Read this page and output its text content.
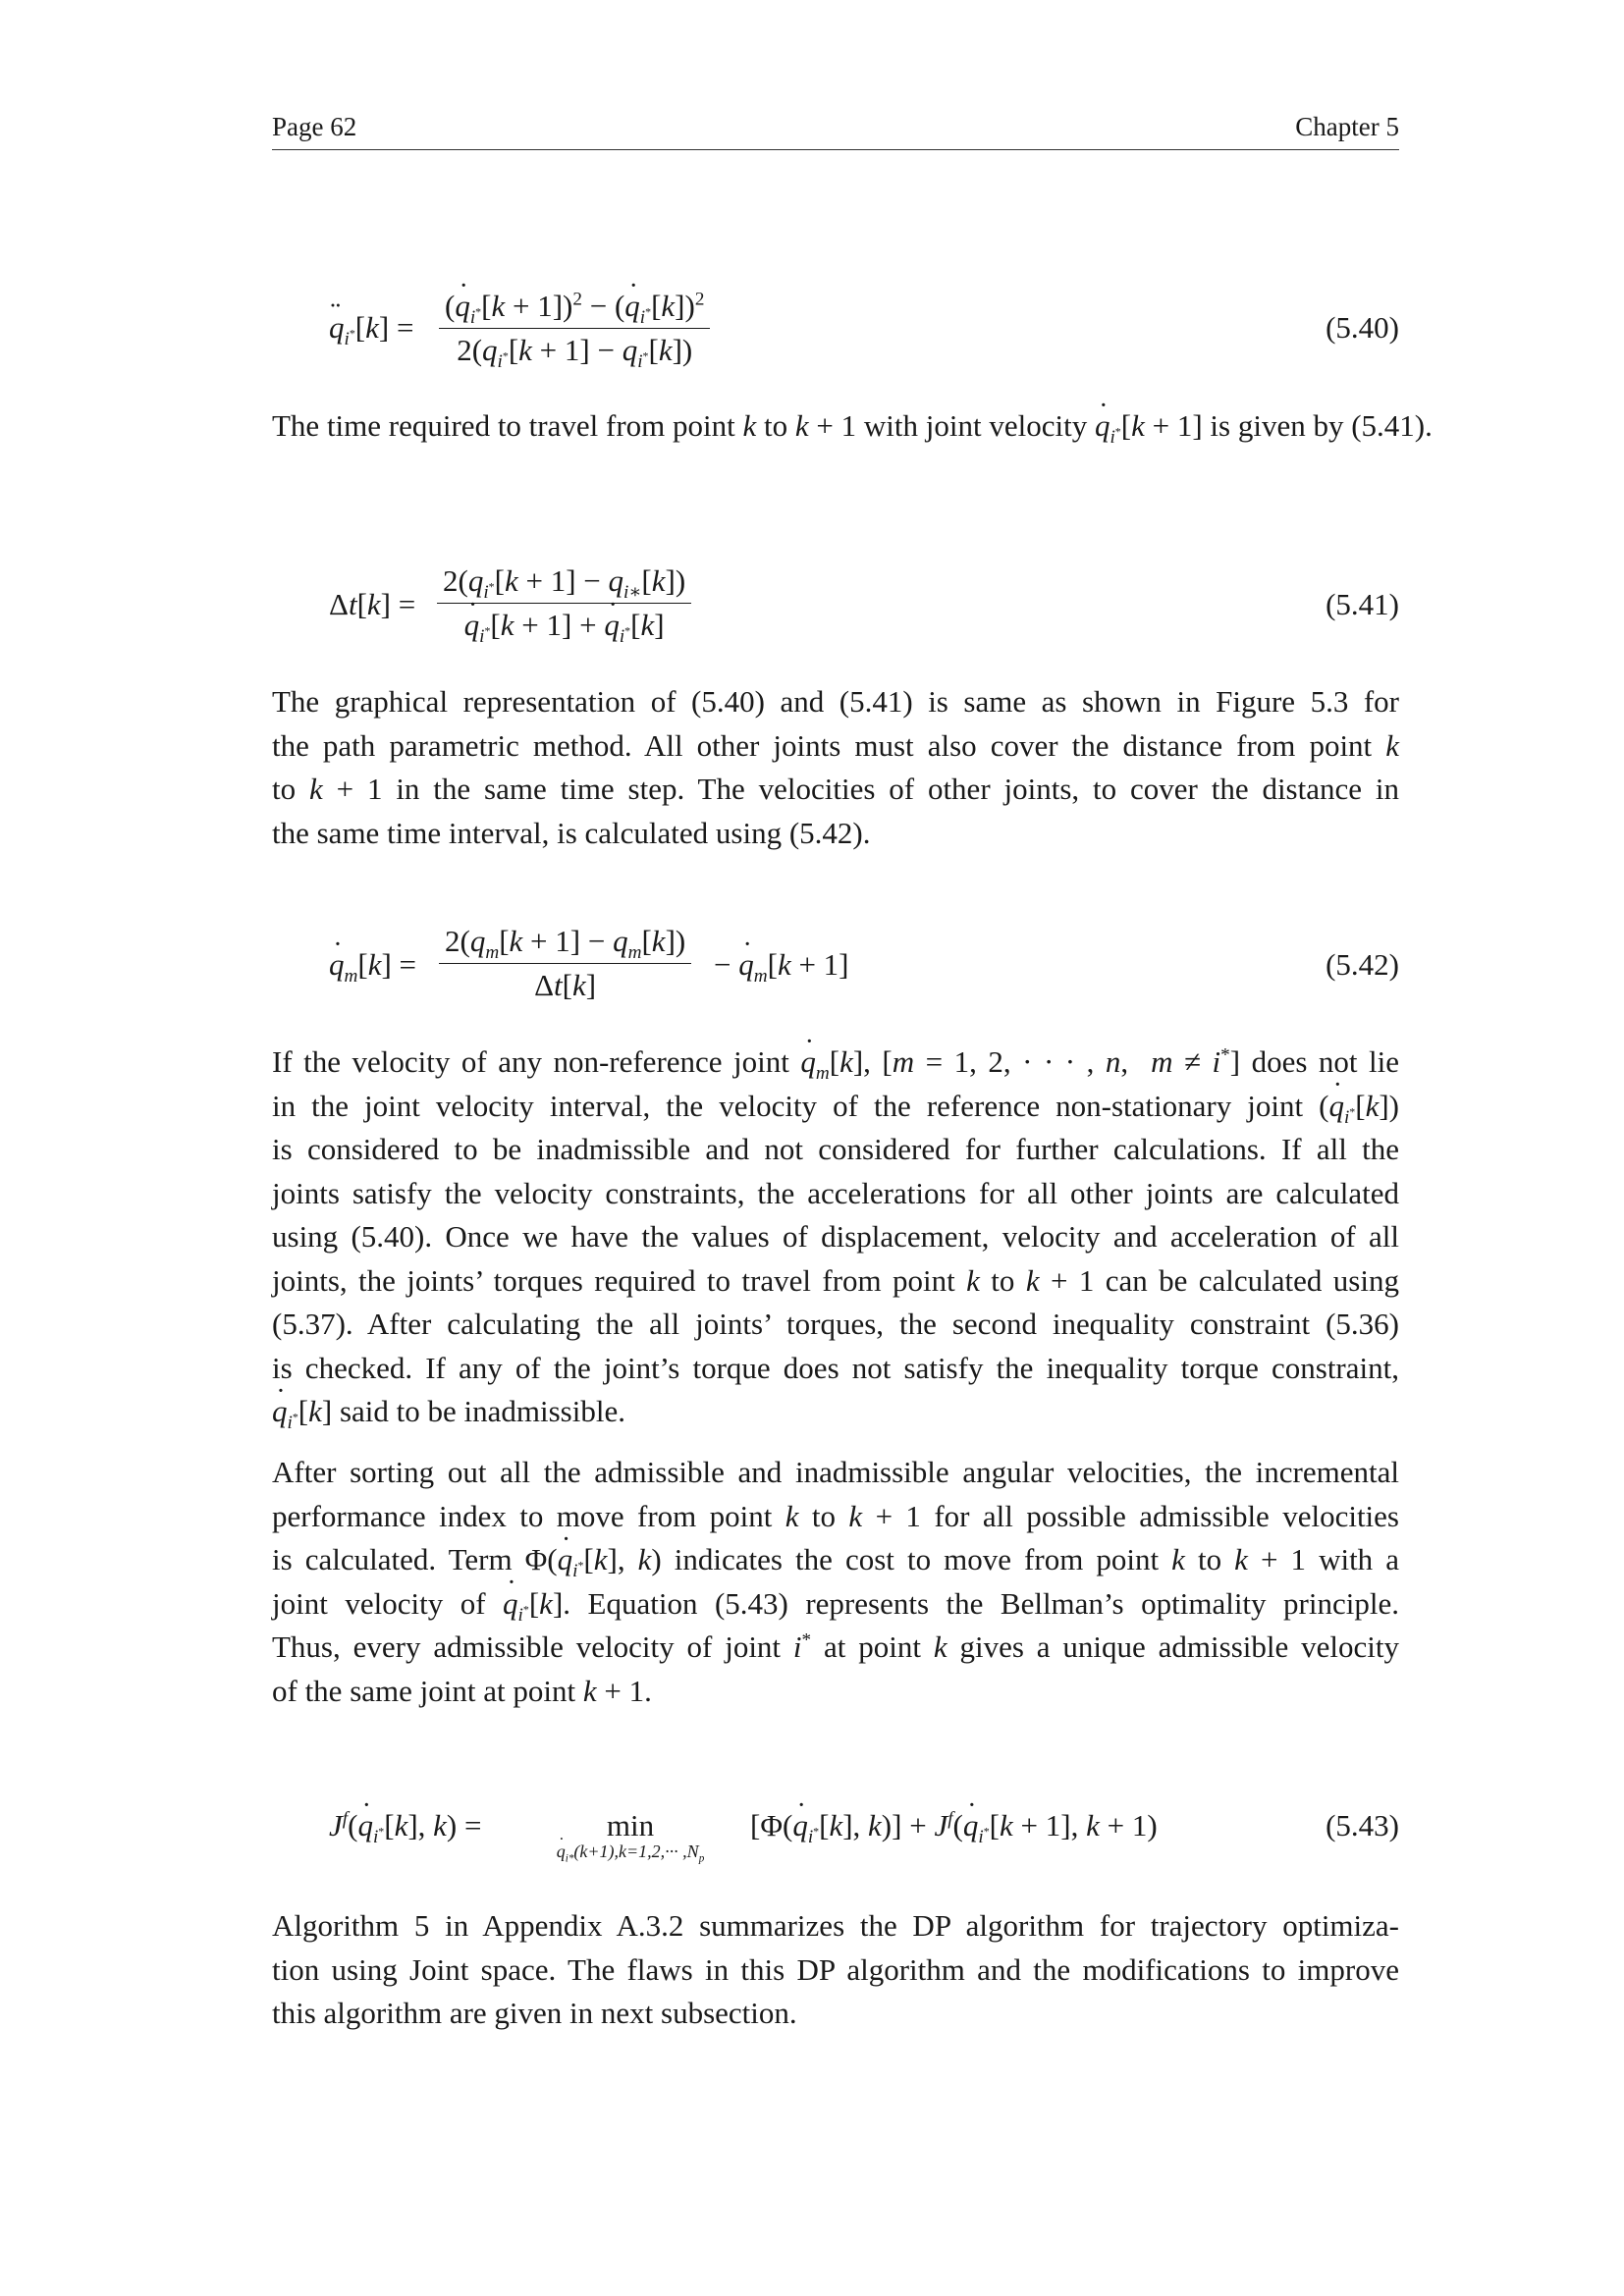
Page 62	Chapter 5
q $¨_{i^*}[k] = \frac{(q ˙_{i^*}[k + 1])^2 - (q ˙_{i^*}[k])^2}{2(q_{i^*}[k + 1] - q_{i^*}[k])}$	(5.40)
The time required to travel from point k to k + 1 with joint velocity q $˙_{i^*}[k + 1]$ is given by (5.41).
$\Delta t[k] = \frac{2(q_{i^*}[k + 1] - q_{i∗}[k])}{q ˙_{i^*}[k + 1] + q ˙_{i^*}[k]}$	(5.41)
The graphical representation of (5.40) and (5.41) is same as shown in Figure 5.3 for
the path parametric method. All other joints must also cover the distance from point k
to k + 1 in the same time step. The velocities of other joints, to cover the distance in
the same time interval, is calculated using (5.42).
q $˙_m[k] = \frac{2(q_m[k + 1] - q_m[k])}{\Delta t[k]} - q$ $˙_m[k + 1]$	(5.42)
If the velocity of any non-reference joint q $˙_m[k]$, [m = 1, 2, · · · , n,  m ≠ i*] does not lie
in the joint velocity interval, the velocity of the reference non-stationary joint (q $˙_{i^*}[k]$)
is considered to be inadmissible and not considered for further calculations. If all the
joints satisfy the velocity constraints, the accelerations for all other joints are calculated
using (5.40). Once we have the values of displacement, velocity and acceleration of all
joints, the joints’ torques required to travel from point k to k + 1 can be calculated using
(5.37). After calculating the all joints’ torques, the second inequality constraint (5.36)
is checked. If any of the joint’s torque does not satisfy the inequality torque constraint,
q $˙_{i^*}[k]$ said to be inadmissible.
After sorting out all the admissible and inadmissible angular velocities, the incremental
performance index to move from point k to k + 1 for all possible admissible velocities
is calculated. Term Φ(q $˙_{i^*}[k]$, k) indicates the cost to move from point k to k + 1 with a
joint velocity of q $˙_{i^*}[k]$. Equation (5.43) represents the Bellman’s optimality principle.
Thus, every admissible velocity of joint i* at point k gives a unique admissible velocity
of the same joint at point k + 1.
$J^f(q$ $˙_{i^*}[k]$, k) =	min
q $˙_{i*}(k+1),k=1,2,\cdot\cdot\cdot ,N_p$
[Φ(q $˙_{i^*}[k]$, $k)] + J^f(q$ $˙_{i^*}[k + 1]$, k + 1)	(5.43)
Algorithm 5 in Appendix A.3.2 summarizes the DP algorithm for trajectory optimiza-
tion using Joint space. The flaws in this DP algorithm and the modifications to improve
this algorithm are given in next subsection.
